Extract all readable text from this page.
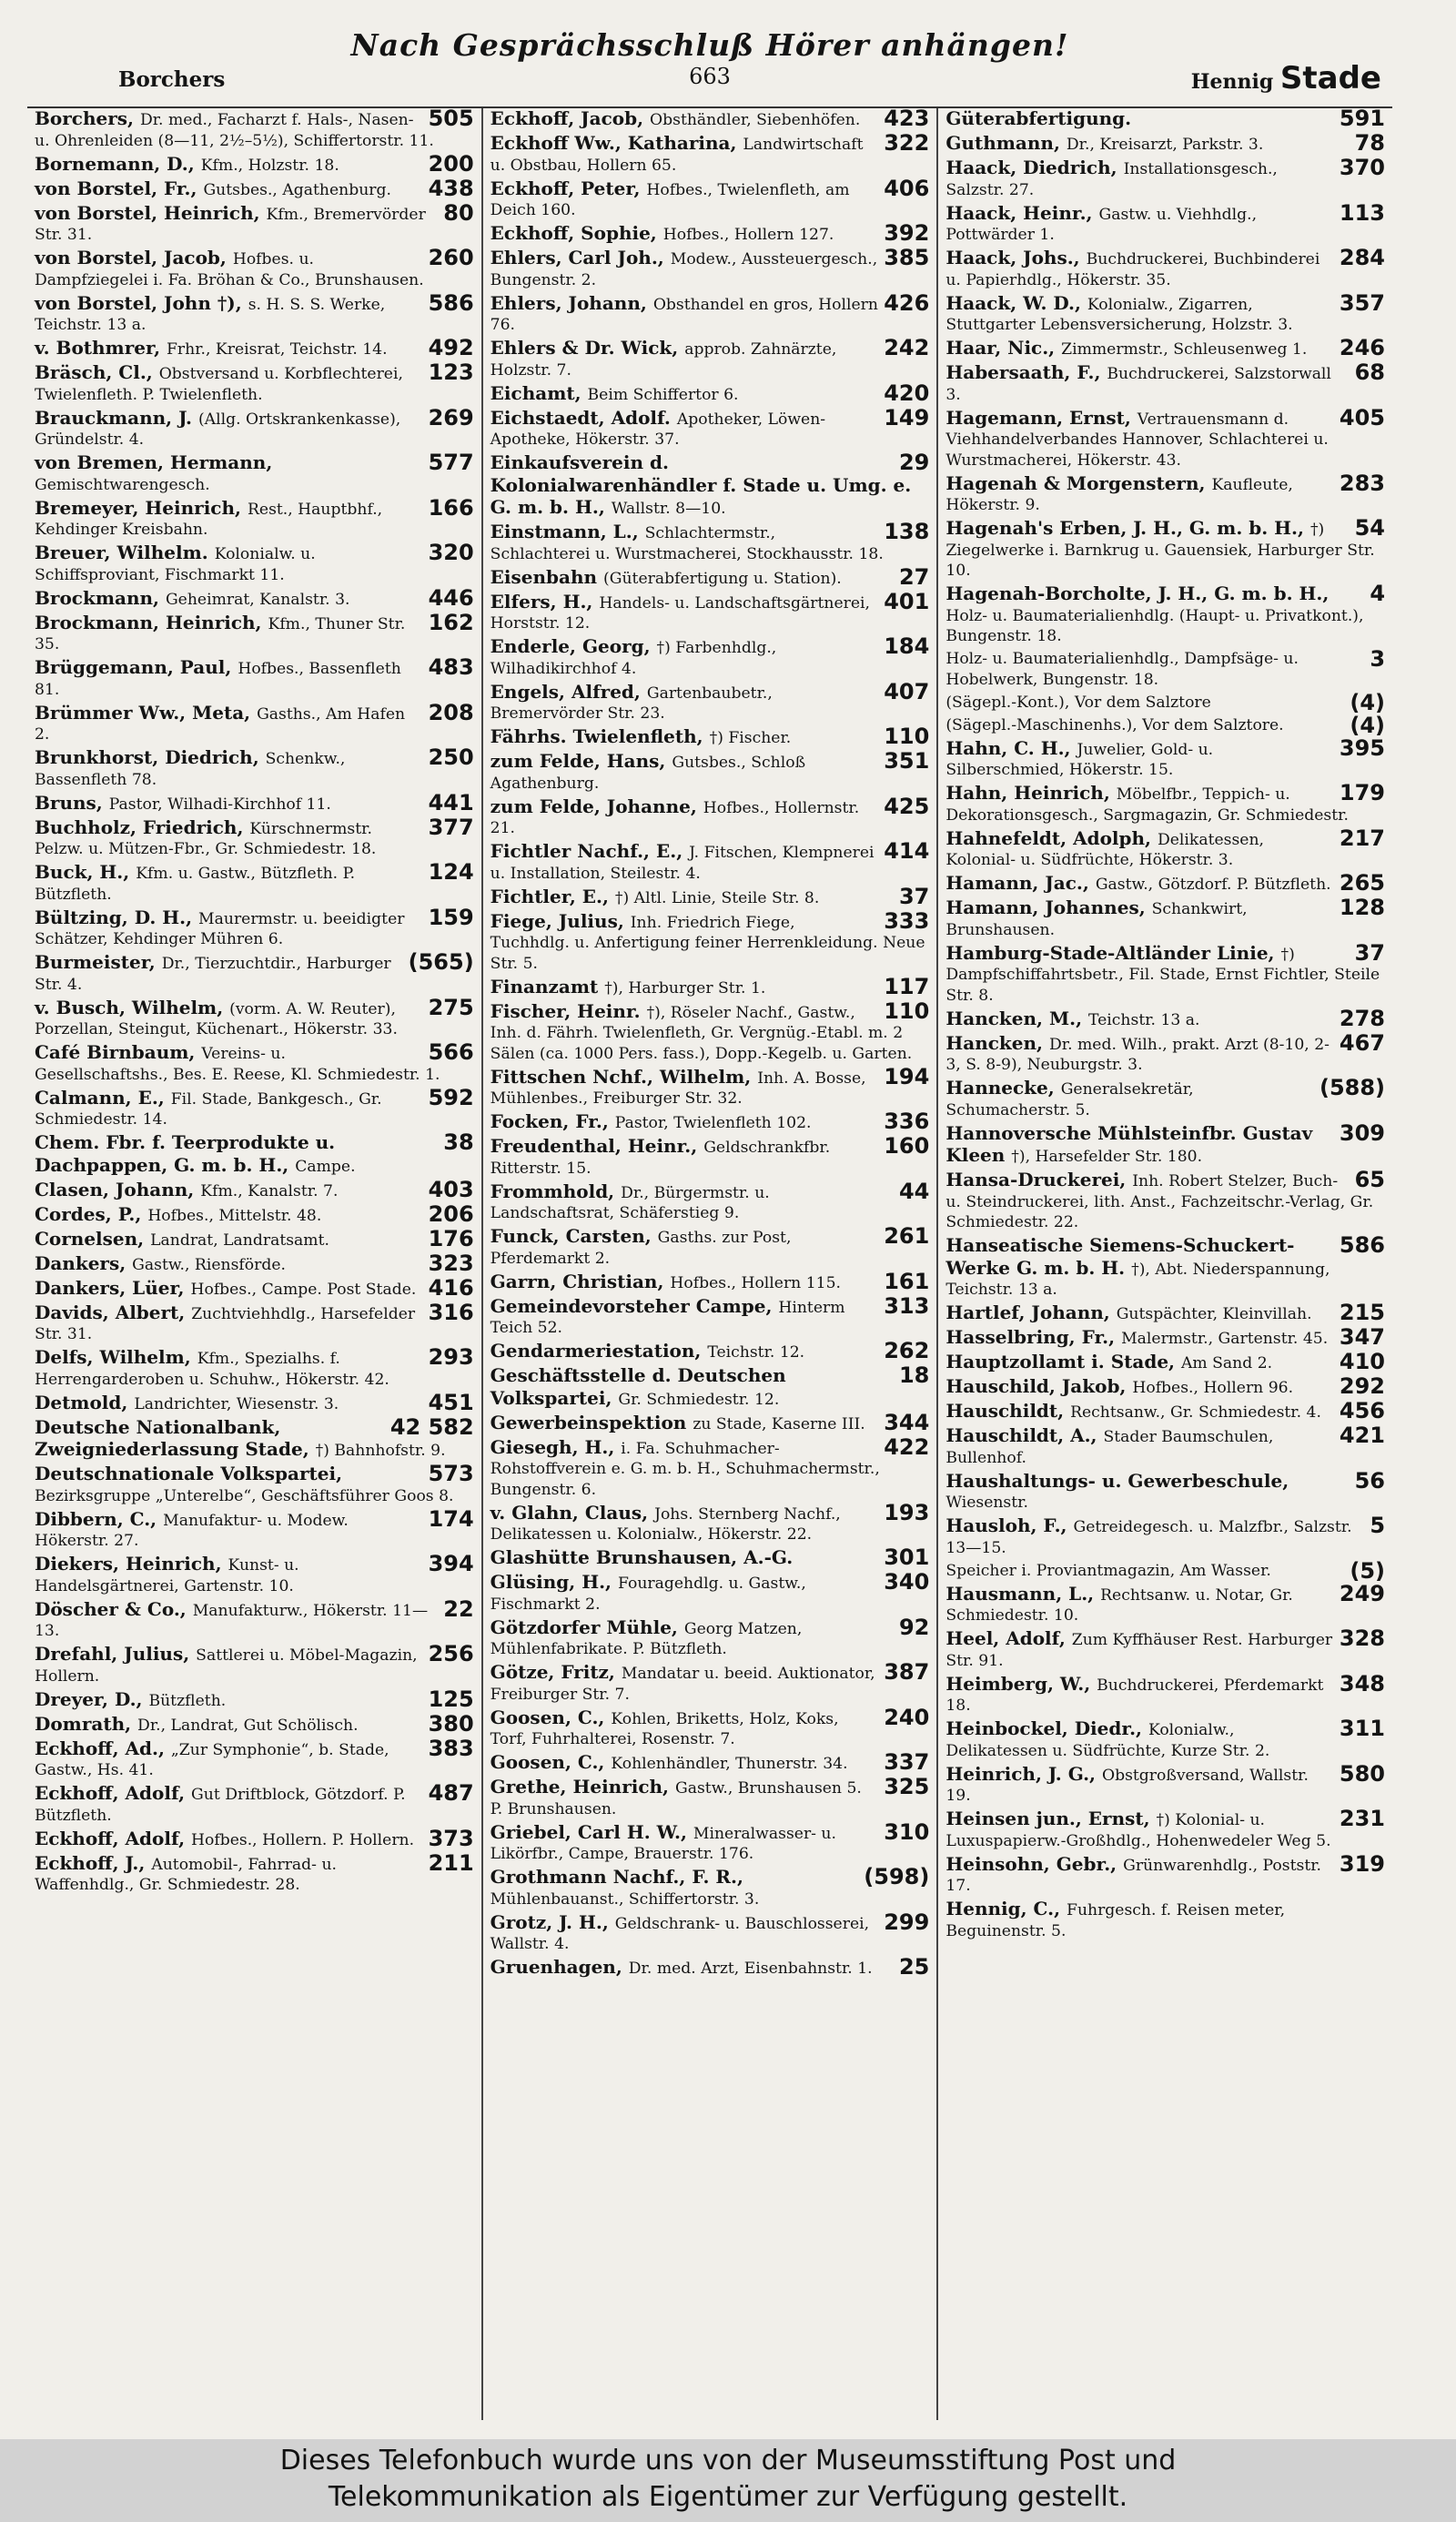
Nach Gesprächsschluß Hörer anhängen!
Borchers	663	Hennig Stade
505
Borchers, Dr. med., Facharzt f. Hals-, Nasen- u. Ohrenleiden (8—11, 2½–5½), Schiffertorstr. 11.
200
Bornemann, D., Kfm., Holzstr. 18.
438
von Borstel, Fr., Gutsbes., Agathenburg.
80
von Borstel, Heinrich, Kfm., Bremervörder Str. 31.
260
von Borstel, Jacob, Hofbes. u. Dampfziegelei i. Fa. Bröhan & Co., Brunshausen.
586
von Borstel, John †), s. H. S. S. Werke, Teichstr. 13 a.
492
v. Bothmrer, Frhr., Kreisrat, Teichstr. 14.
123
Bräsch, Cl., Obstversand u. Korbflechterei, Twielenfleth. P. Twielenfleth.
269
Brauckmann, J. (Allg. Ortskrankenkasse), Gründelstr. 4.
577
von Bremen, Hermann, Gemischtwarengesch.
166
Bremeyer, Heinrich, Rest., Hauptbhf., Kehdinger Kreisbahn.
320
Breuer, Wilhelm. Kolonialw. u. Schiffsproviant, Fischmarkt 11.
446
Brockmann, Geheimrat, Kanalstr. 3.
162
Brockmann, Heinrich, Kfm., Thuner Str. 35.
483
Brüggemann, Paul, Hofbes., Bassenfleth 81.
208
Brümmer Ww., Meta, Gasths., Am Hafen 2.
250
Brunkhorst, Diedrich, Schenkw., Bassenfleth 78.
441
Bruns, Pastor, Wilhadi-Kirchhof 11.
377
Buchholz, Friedrich, Kürschnermstr. Pelzw. u. Mützen-Fbr., Gr. Schmiedestr. 18.
124
Buck, H., Kfm. u. Gastw., Bützfleth. P. Bützfleth.
159
Bültzing, D. H., Maurermstr. u. beeidigter Schätzer, Kehdinger Mühren 6.
(565)
Burmeister, Dr., Tierzuchtdir., Harburger Str. 4.
275
v. Busch, Wilhelm, (vorm. A. W. Reuter), Porzellan, Steingut, Küchenart., Hökerstr. 33.
566
Café Birnbaum, Vereins- u. Gesellschaftshs., Bes. E. Reese, Kl. Schmiedestr. 1.
592
Calmann, E., Fil. Stade, Bankgesch., Gr. Schmiedestr. 14.
38
Chem. Fbr. f. Teerprodukte u. Dachpappen, G. m. b. H., Campe.
403
Clasen, Johann, Kfm., Kanalstr. 7.
206
Cordes, P., Hofbes., Mittelstr. 48.
176
Cornelsen, Landrat, Landratsamt.
323
Dankers, Gastw., Riensförde.
416
Dankers, Lüer, Hofbes., Campe. Post Stade.
316
Davids, Albert, Zuchtviehhdlg., Harsefelder Str. 31.
293
Delfs, Wilhelm, Kfm., Spezialhs. f. Herrengarderoben u. Schuhw., Hökerstr. 42.
451
Detmold, Landrichter, Wiesenstr. 3.
42 582
Deutsche Nationalbank, Zweigniederlassung Stade, †) Bahnhofstr. 9.
573
Deutschnationale Volkspartei, Bezirksgruppe „Unterelbe“, Geschäftsführer Goos 8.
174
Dibbern, C., Manufaktur- u. Modew. Hökerstr. 27.
394
Diekers, Heinrich, Kunst- u. Handelsgärtnerei, Gartenstr. 10.
22
Döscher & Co., Manufakturw., Hökerstr. 11—13.
256
Drefahl, Julius, Sattlerei u. Möbel-Magazin, Hollern.
125
Dreyer, D., Bützfleth.
380
Domrath, Dr., Landrat, Gut Schölisch.
383
Eckhoff, Ad., „Zur Symphonie“, b. Stade, Gastw., Hs. 41.
487
Eckhoff, Adolf, Gut Driftblock, Götzdorf. P. Bützfleth.
373
Eckhoff, Adolf, Hofbes., Hollern. P. Hollern.
211
Eckhoff, J., Automobil-, Fahrrad- u. Waffenhdlg., Gr. Schmiedestr. 28.
423
Eckhoff, Jacob, Obsthändler, Siebenhöfen.
322
Eckhoff Ww., Katharina, Landwirtschaft u. Obstbau, Hollern 65.
406
Eckhoff, Peter, Hofbes., Twielenfleth, am Deich 160.
392
Eckhoff, Sophie, Hofbes., Hollern 127.
385
Ehlers, Carl Joh., Modew., Aussteuergesch., Bungenstr. 2.
426
Ehlers, Johann, Obsthandel en gros, Hollern 76.
242
Ehlers & Dr. Wick, approb. Zahnärzte, Holzstr. 7.
420
Eichamt, Beim Schiffertor 6.
149
Eichstaedt, Adolf. Apotheker, Löwen-Apotheke, Hökerstr. 37.
29
Einkaufsverein d. Kolonialwarenhändler f. Stade u. Umg. e. G. m. b. H., Wallstr. 8—10.
138
Einstmann, L., Schlachtermstr., Schlachterei u. Wurstmacherei, Stockhausstr. 18.
27
Eisenbahn (Güterabfertigung u. Station).
401
Elfers, H., Handels- u. Landschaftsgärtnerei, Horststr. 12.
184
Enderle, Georg, †) Farbenhdlg., Wilhadikirchhof 4.
407
Engels, Alfred, Gartenbaubetr., Bremervörder Str. 23.
110
Fährhs. Twielenfleth, †) Fischer.
351
zum Felde, Hans, Gutsbes., Schloß Agathenburg.
425
zum Felde, Johanne, Hofbes., Hollernstr. 21.
414
Fichtler Nachf., E., J. Fitschen, Klempnerei u. Installation, Steilestr. 4.
37
Fichtler, E., †) Altl. Linie, Steile Str. 8.
333
Fiege, Julius, Inh. Friedrich Fiege, Tuchhdlg. u. Anfertigung feiner Herrenkleidung. Neue Str. 5.
117
Finanzamt †), Harburger Str. 1.
110
Fischer, Heinr. †), Röseler Nachf., Gastw., Inh. d. Fährh. Twielenfleth, Gr. Vergnüg.-Etabl. m. 2 Sälen (ca. 1000 Pers. fass.), Dopp.-Kegelb. u. Garten.
194
Fittschen Nchf., Wilhelm, Inh. A. Bosse, Mühlenbes., Freiburger Str. 32.
336
Focken, Fr., Pastor, Twielenfleth 102.
160
Freudenthal, Heinr., Geldschrankfbr. Ritterstr. 15.
44
Frommhold, Dr., Bürgermstr. u. Landschaftsrat, Schäferstieg 9.
261
Funck, Carsten, Gasths. zur Post, Pferdemarkt 2.
161
Garrn, Christian, Hofbes., Hollern 115.
313
Gemeindevorsteher Campe, Hinterm Teich 52.
262
Gendarmeriestation, Teichstr. 12.
18
Geschäftsstelle d. Deutschen Volkspartei, Gr. Schmiedestr. 12.
344
Gewerbeinspektion zu Stade, Kaserne III.
422
Giesegh, H., i. Fa. Schuhmacher-Rohstoffverein e. G. m. b. H., Schuhmachermstr., Bungenstr. 6.
193
v. Glahn, Claus, Johs. Sternberg Nachf., Delikatessen u. Kolonialw., Hökerstr. 22.
301
Glashütte Brunshausen, A.-G.
340
Glüsing, H., Fouragehdlg. u. Gastw., Fischmarkt 2.
92
Götzdorfer Mühle, Georg Matzen, Mühlenfabrikate. P. Bützfleth.
387
Götze, Fritz, Mandatar u. beeid. Auktionator, Freiburger Str. 7.
240
Goosen, C., Kohlen, Briketts, Holz, Koks, Torf, Fuhrhalterei, Rosenstr. 7.
337
Goosen, C., Kohlenhändler, Thunerstr. 34.
325
Grethe, Heinrich, Gastw., Brunshausen 5. P. Brunshausen.
310
Griebel, Carl H. W., Mineralwasser- u. Likörfbr., Campe, Brauerstr. 176.
(598)
Grothmann Nachf., F. R., Mühlenbauanst., Schiffertorstr. 3.
299
Grotz, J. H., Geldschrank- u. Bauschlosserei, Wallstr. 4.
25
Gruenhagen, Dr. med. Arzt, Eisenbahnstr. 1.
591
Güterabfertigung.
78
Guthmann, Dr., Kreisarzt, Parkstr. 3.
370
Haack, Diedrich, Installationsgesch., Salzstr. 27.
113
Haack, Heinr., Gastw. u. Viehhdlg., Pottwärder 1.
284
Haack, Johs., Buchdruckerei, Buchbinderei u. Papierhdlg., Hökerstr. 35.
357
Haack, W. D., Kolonialw., Zigarren, Stuttgarter Lebensversicherung, Holzstr. 3.
246
Haar, Nic., Zimmermstr., Schleusenweg 1.
68
Habersaath, F., Buchdruckerei, Salzstorwall 3.
405
Hagemann, Ernst, Vertrauensmann d. Viehhandelverbandes Hannover, Schlachterei u. Wurstmacherei, Hökerstr. 43.
283
Hagenah & Morgenstern, Kaufleute, Hökerstr. 9.
54
Hagenah's Erben, J. H., G. m. b. H., †) Ziegelwerke i. Barnkrug u. Gauensiek, Harburger Str. 10.
4
Hagenah-Borcholte, J. H., G. m. b. H., Holz- u. Baumaterialienhdlg. (Haupt- u. Privatkont.), Bungenstr. 18.
3
Holz- u. Baumaterialienhdlg., Dampfsäge- u. Hobelwerk, Bungenstr. 18.
(4)
(Sägepl.-Kont.), Vor dem Salztore
(4)
(Sägepl.-Maschinenhs.), Vor dem Salztore.
395
Hahn, C. H., Juwelier, Gold- u. Silberschmied, Hökerstr. 15.
179
Hahn, Heinrich, Möbelfbr., Teppich- u. Dekorationsgesch., Sargmagazin, Gr. Schmiedestr.
217
Hahnefeldt, Adolph, Delikatessen, Kolonial- u. Südfrüchte, Hökerstr. 3.
265
Hamann, Jac., Gastw., Götzdorf. P. Bützfleth.
128
Hamann, Johannes, Schankwirt, Brunshausen.
37
Hamburg-Stade-Altländer Linie, †) Dampfschiffahrtsbetr., Fil. Stade, Ernst Fichtler, Steile Str. 8.
278
Hancken, M., Teichstr. 13 a.
467
Hancken, Dr. med. Wilh., prakt. Arzt (8-10, 2-3, S. 8-9), Neuburgstr. 3.
(588)
Hannecke, Generalsekretär, Schumacherstr. 5.
309
Hannoversche Mühlsteinfbr. Gustav Kleen †), Harsefelder Str. 180.
65
Hansa-Druckerei, Inh. Robert Stelzer, Buch- u. Steindruckerei, lith. Anst., Fachzeitschr.-Verlag, Gr. Schmiedestr. 22.
586
Hanseatische Siemens-Schuckert-Werke G. m. b. H. †), Abt. Niederspannung, Teichstr. 13 a.
215
Hartlef, Johann, Gutspächter, Kleinvillah.
347
Hasselbring, Fr., Malermstr., Gartenstr. 45.
410
Hauptzollamt i. Stade, Am Sand 2.
292
Hauschild, Jakob, Hofbes., Hollern 96.
456
Hauschildt, Rechtsanw., Gr. Schmiedestr. 4.
421
Hauschildt, A., Stader Baumschulen, Bullenhof.
56
Haushaltungs- u. Gewerbeschule, Wiesenstr.
5
Hausloh, F., Getreidegesch. u. Malzfbr., Salzstr. 13—15.
(5)
Speicher i. Proviantmagazin, Am Wasser.
249
Hausmann, L., Rechtsanw. u. Notar, Gr. Schmiedestr. 10.
328
Heel, Adolf, Zum Kyffhäuser Rest. Harburger Str. 91.
348
Heimberg, W., Buchdruckerei, Pferdemarkt 18.
311
Heinbockel, Diedr., Kolonialw., Delikatessen u. Südfrüchte, Kurze Str. 2.
580
Heinrich, J. G., Obstgroßversand, Wallstr. 19.
231
Heinsen jun., Ernst, †) Kolonial- u. Luxuspapierw.-Großhdlg., Hohenwedeler Weg 5.
319
Heinsohn, Gebr., Grünwarenhdlg., Poststr. 17.
Hennig, C., Fuhrgesch. f. Reisen meter, Beguinenstr. 5.
Dieses Telefonbuch wurde uns von der Museumsstiftung Post und
Telekommunikation als Eigentümer zur Verfügung gestellt.
